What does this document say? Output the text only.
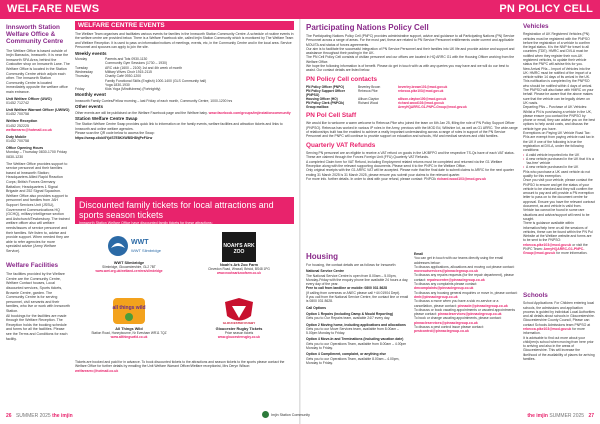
WELFARE NEWS	PN POLICY CELL
Innsworth Station Welfare Office & Community Centre

The Welfare Office is based outside of Imjin Barracks, Innsworth. It is near the Innsworth SFA Area, behind the Costcutter shop on Innsworth Lane. The Welfare Office is located in the Station Community Centre which adjoin each other. The Innsworth Station Community Centre is located immediately opposite the welfare office main entrance.

Unit Welfare Officer (UWO)
01452 712742
Unit Welfare Warrant Officer (UWWO)
01452 700758
Welfare Reception
01452 252225
welfarearrc@hotmail.co.uk
Duty Mobile
01452 700758
Office Opening Hours

Monday – Thursday 0830-1700 Friday 0830-1230

The Welfare Office provides support to service personnel and their families based at Innsworth Station; Headquarters Allied Rapid Reaction Corps; British Forces Germany Battalion; Headquarters 1 Signal Brigade and 252 Signal Squadron. Welfare Office also provides support to personnel and families from JAH Support Services Unit (JSSU), Government Communications HQ (GCHQ), military intelligence section and Ashchurch/Tewkesbury. The trained welfare officer also will welfare needs/issues of service personnel and their families. We listen to, advise and provide support. When needed they are able to refer agencies for more specialist advice (Army Welfare Service).

Welfare Facilities

The facilities provided by the Welfare Centre are the Community Centre, Welfare Contact houses, Local discounted services, Sports tickets, Brownie Centre, garden. The Community Centre is for serving personnel, civil servants and their families, who live or work with Innsworth Station.

All bookings for the facilities are made through the Welfare Reception. The Reception holds the booking schedule and forms for all the facilities. Please see the Terms and Conditions for each facility.

WELFARE CENTRE EVENTS

The Welfare Team organises and facilitates various events for families in the Innsworth Station Community Centre. A schedule of routine events in the welfare centre are provided below. There is a Welfare Facebook site, called Imjin Station Community which is monitored by The Welfare Team and Welfare Reception. It is used to pass on information/notices of meetings, events, etc, in the Community Centre and in the local area. Service Personnel and spouses can apply to join the site.

Weekly events
Monday	Parents and Tots 0930-1130
	Community Gym Sessions (1730 – 1930)
Tuesday	ARC club (1600 – 2100) 1st and 4th week of month
Wednesday	Military Wives Choir 1915-2115
Thursday	Charity Café 0930-1200
	Family Functional Skills (English) 1000-1400 (GLS Community hall)
	Yoga 1830-1930
Friday	Kids Yoga (Mindfulness) (Fortnightly)
Monthly event

Innsworth Family Curries/Fellow morning – last Friday of each month, Community Centre, 1000-1200 hrs

Other events

Other events are will be publicised on the Welfare Facebook page and the Welfare baby. www.facebook.com/groups/imjinstationcommunity

Station Welfare Centre Swap

The Station Welfare Centre Swap provides quick link to information on the family events, welfare facilities and attraction tickets and links to Innsworth and online welfare agencies.

Please scan the QR code below to access the Swap:

https://swap.click/6YjdS7E8KXWBSH8hjPeFUrw

Discounted family tickets for local attractions and sports season tickets
Innsworth Station Welfare Office have discounted family tickets for these attractions:
WWT
WWT Slimbridge
WWT Slimbridge
Slimbridge, Gloucestershire, GL2 7BT
www.wwt.org.uk/wetland-centres/slimbridge
NOAH'S ARK ZOO
Noah's Ark Zoo Farm
Clevedon Road, Wraxall, Bristol, BS48 1PG
www.noahsarkzoofarm.co.uk
all things wild
All Things Wild
Station Road, Honeybourne, Nr Evesham WR11 7QZ
www.allthingswild.co.uk
GLOUCESTER RUGBY
Gloucester Rugby Tickets
Price season tickets
www.gloucesterrugby.co.uk
Tickets are booked and paid for in advance. To book discounted tickets to the attractions and season tickets to the sports please contact the Welfare Office for further details by emailing the Unit Welfare Warrant Officer/Welfare receptionist, Mrs Deryn Wilson: welfarearrc@hotmail.co.uk
26 SUMMER 2025 the imjin	Imjin Station Community
Participating Nations Policy Cell

The Participating Nations Policy Cell (PNPC) provides administrative support, advice and guidance to all Participating Nations (PN) Service Personnel across a range of areas. For the most part, these are related to PN Service Personnel entitlements under current and applicable MOU/TA and status of forces agreements.

Our aim is to facilitate the successful integration of PN Service Personnel and their families into UK life and provide advice and support and assistance throughout their posting in the UK.

The PN Cell Policy Cell consists of civilian personnel and our offices are located in HQ ARRC G1 with the Housing Officer working from the Welfare Office.

We hope the following information is of benefit. Please do get in touch with us with any queries you may have and we will do our best to assist. Our contact details are listed below.

PN Policy Cell contacts
PN Policy Officer (PNPO)	Beverley Brown	beverley.brown101@mod.gov.uk
PN Policy Support Officer (PNPSO)	Rebecca Pike	rebecca.pike103@mod.gov.uk
Housing Officer (HO)	Allison Clayton	allison.clayton100@mod.gov.uk
PN Policy Clerk (PNPCIk)	Richard Wood	richard.wood103@mod.gov.uk
Group mailbox		ArmyHQARRC-G1-PNPC-Group@mod.gov.uk
PN Pol Cell Staff

We would like to welcome a warm welcome to Rebecca Pike who joined the team on 6th Jan 25, filling the role of PN Policy Support Officer (PNPSO). Rebecca has worked in various IP roles in the Army, previous with the MOD Ed, Wiltshire lot, as well as G1 ARRC. The wide-range of relationships built has the enabled to achieve a really important understanding across a range of roles in support of the PN Service Personnel and the PNPC will continue to provide support on education and schools, HM and medical services and child families.

Quarterly VAT Refunds

Serving PN personnel are an eligible to receive a VAT refund on goods in the UK/BFPO and the respective TS-Qs have of each VAT status. These are claimed through the Forces Foreign Unit (FFU) Quarterly VAT Refunds.

A completed Claim form for VAT Refund, including Employment related returns must be completed and returned via the G1 Welfare Reception along with the relevant supporting documents. Please send it to the PNPC in the Welfare Office.

Only original receipts with the G1 ARRC VAT will be accepted. Please note that the final date to submit claims to ARRC for the next quarter ending 31 March 2025 is 31 March 2025, please ensure you submit your claims to the relevant quarter.

For more info. further details. In order to deal with your refund, please contact: PNPCIk richard.wood103@mod.gov.uk

Housing

For housing, the contact details are as follows for Innsworth:

National Service Centre

The National Service Centre is open from 8.00am – 5.00pm, Monday-Friday with the enquiry phone line available 24 hours a day, every day of the year.

Free to call from landline or mobile: 0800 031 8628

(if calling from overseas or ANEC please call +44 01904 Dept).

If you call from the National Service Centre, the contact line or email is 0800 031 8628.

Call Options
Option 1 Repairs (including Damp & Mould Reporting)

Gets you to Our Repairs team, available 24/7 every day.

Option 2 Moving home, including applications and allocations

Gets you to our Move Services team, available from 8.00am – 5.00pm Monday to Friday.

Option 4 Move-In and Terminations (Including vacation date)

Gets you to our Operations Team, available from 8.00am – 4.00pm Monday to Friday.

Option 4 Compliment, complaint, or anything else

Gets you to our Operations Team, available 8.00am – 4.00pm, Monday to Friday.

Email

You can get in touch with our teams directly using the email addresses below:

To discuss applications, allocations and moving out please contact: moveoutservices@pinnaclegroup.co.uk

To discuss any repairs requests (for the repair department), please contact: repairscentre@pinnaclegroup.co.uk

To discuss any complaints please contact: dmcomplaints@pinnaclegroup.co.uk

To discuss any housing general enquiries or move in, please contact: dmh@pinnaclegroup.co.uk

To discuss a move when you have a sick ex-service or a cancellation, please contact: pinnacle@pinnaclegroup.co.uk

To discuss or book vacating appointments or vacated appointments please contact: pinnacleservices@pinnaclegroup.co.uk

To book or change vacating appointments, please contact: pinnacleservices@pinnaclegroup.co.uk

To discuss a pest control issue please contact: pestcontrol@pinnaclegroup.co.uk

Vehicles

Registration of UK Registered Vehicles (PN) vehicles must be registered with the PNPSO before the registration of a vehicle to confirm the legal status. It is the NNP for travel to all countries (TDE). HMRC and DVLA must be notified when they register their non-UK registered vehicles, to update their vehicle status the PNPC will advise this for you.

New Arrival PNs – Import of Vehicles into the UK: HMRC must be notified of the import of a vehicle within 14 days of its arrival in the UK. This notification is completed by the PNPSO who should be notified within 4 days of arrival. The PNPSO will also liaise with HMRC on your behalf. Please be aware that the above makes sure that the vehicle can be legally driven on UK roads.

Departing PNs – Purchase of UK Vehicles: Whilst a PN is purchasing a vehicle in the UK, please ensure you contact the PNPSO by phone or email, they can advise you on the best options to help avoid costs, and discuss the vehicle type you have.

Exemptions on Paying UK Vehicle Road Tax: PNs are exempt from paying vehicle road tax in the UK if one of the following is true the registration at DVLA, under the following conditions:

• A valid vehicle imported into the UK
• A new vehicle purchased in the UK that it is a 'tax-free' vehicle
• A new vehicle purchased in the UK

PNs who purchase a UK used vehicle do not qualify for this exemption.

Once you visit your vehicle, please contact the PNPSO to ensure and get the status of your vehicle to be checked and they will confirm the amount to pay and will provide a PN exemption letter to pass on to the document centre for approval. Ensure you have the relevant contract document, as and vehicle is valid from.

Vehicle tax cannot be found in some rare situations and advice/support will need to be sought.

There is guidance available within information/help here on all the sessions of vehicles, these can be found within the PN Pol Website at the Welfare website and forms are to be sent to the PNPSO: rebecca.pike103@mod.gov.uk or visit the PNPC Team: ArmyHQARRC-G1-PNPC-Group@mod.gov.uk for more information.

Schools

School Applications: For Children entering local schools, the admissions and application process is guided by individual Local Authorities and all details about schools in Gloucestershire.

Gloucestershire County Council, Please can contact Schools Admissions team PNPSO at rebecca.pike103@mod.gov.uk for more information.

It is advisable to find out more about your child(ren)s school when moving from here prior to arriving and also in the areas of Gloucestershire. This will increase the likelihood of the availability of places for arriving families.

the imjin SUMMER 2025 27
